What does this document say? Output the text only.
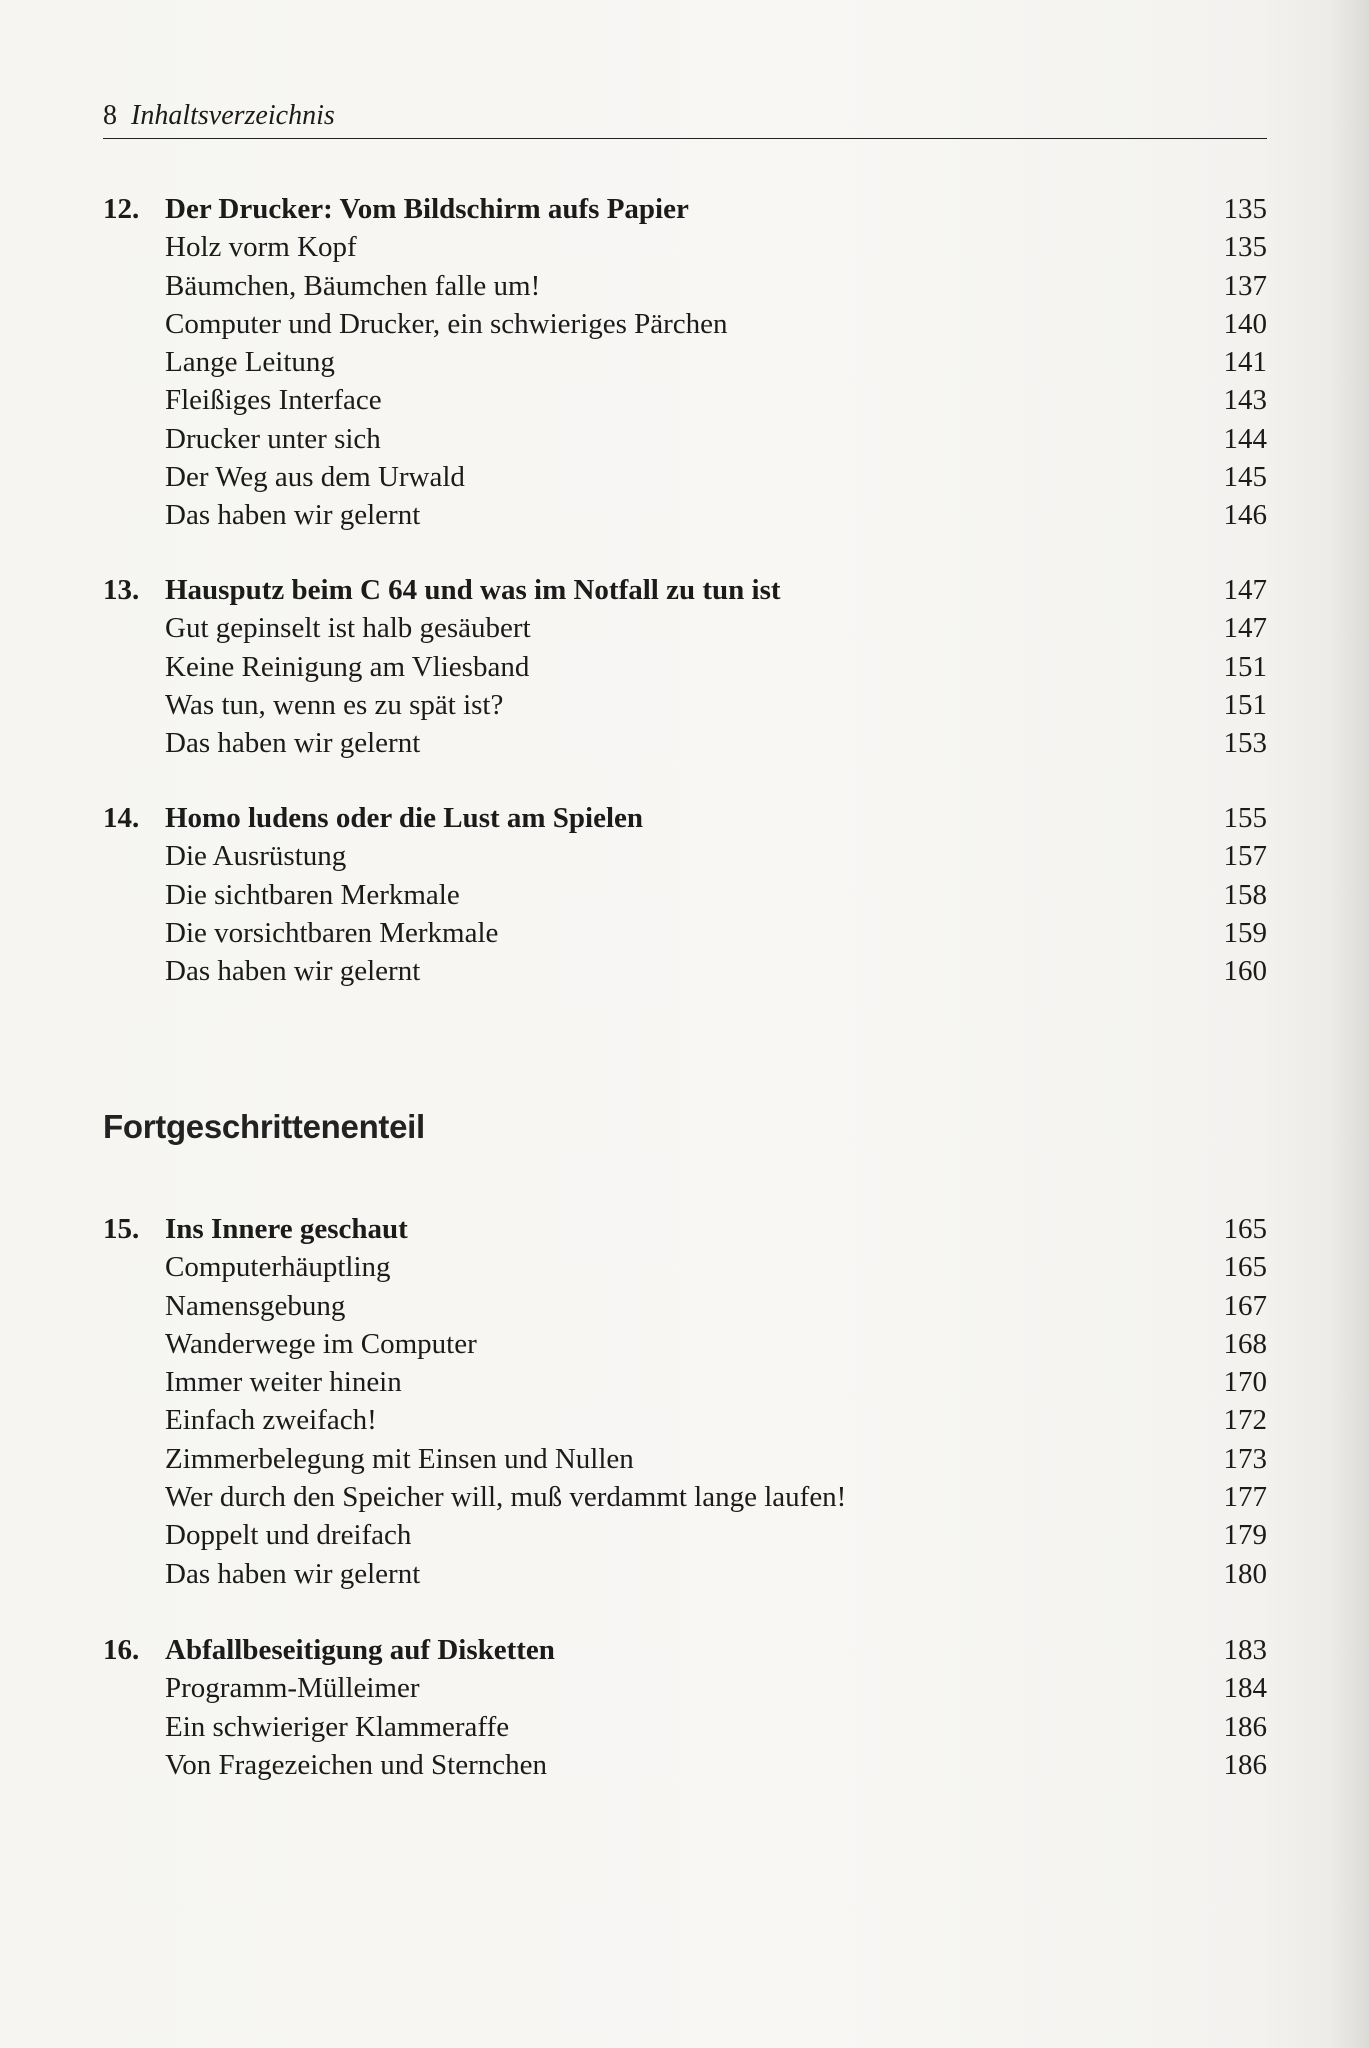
8 Inhaltsverzeichnis
12. Der Drucker: Vom Bildschirm aufs Papier	135
Holz vorm Kopf	135
Bäumchen, Bäumchen falle um!	137
Computer und Drucker, ein schwieriges Pärchen	140
Lange Leitung	141
Fleißiges Interface	143
Drucker unter sich	144
Der Weg aus dem Urwald	145
Das haben wir gelernt	146
13. Hausputz beim C 64 und was im Notfall zu tun ist	147
Gut gepinselt ist halb gesäubert	147
Keine Reinigung am Vliesband	151
Was tun, wenn es zu spät ist?	151
Das haben wir gelernt	153
14. Homo ludens oder die Lust am Spielen	155
Die Ausrüstung	157
Die sichtbaren Merkmale	158
Die vorsichtbaren Merkmale	159
Das haben wir gelernt	160
Fortgeschrittenenteil
15. Ins Innere geschaut	165
Computerhäuptling	165
Namensgebung	167
Wanderwege im Computer	168
Immer weiter hinein	170
Einfach zweifach!	172
Zimmerbelegung mit Einsen und Nullen	173
Wer durch den Speicher will, muß verdammt lange laufen!	177
Doppelt und dreifach	179
Das haben wir gelernt	180
16. Abfallbeseitigung auf Disketten	183
Programm-Mülleimer	184
Ein schwieriger Klammeraffe	186
Von Fragezeichen und Sternchen	186
